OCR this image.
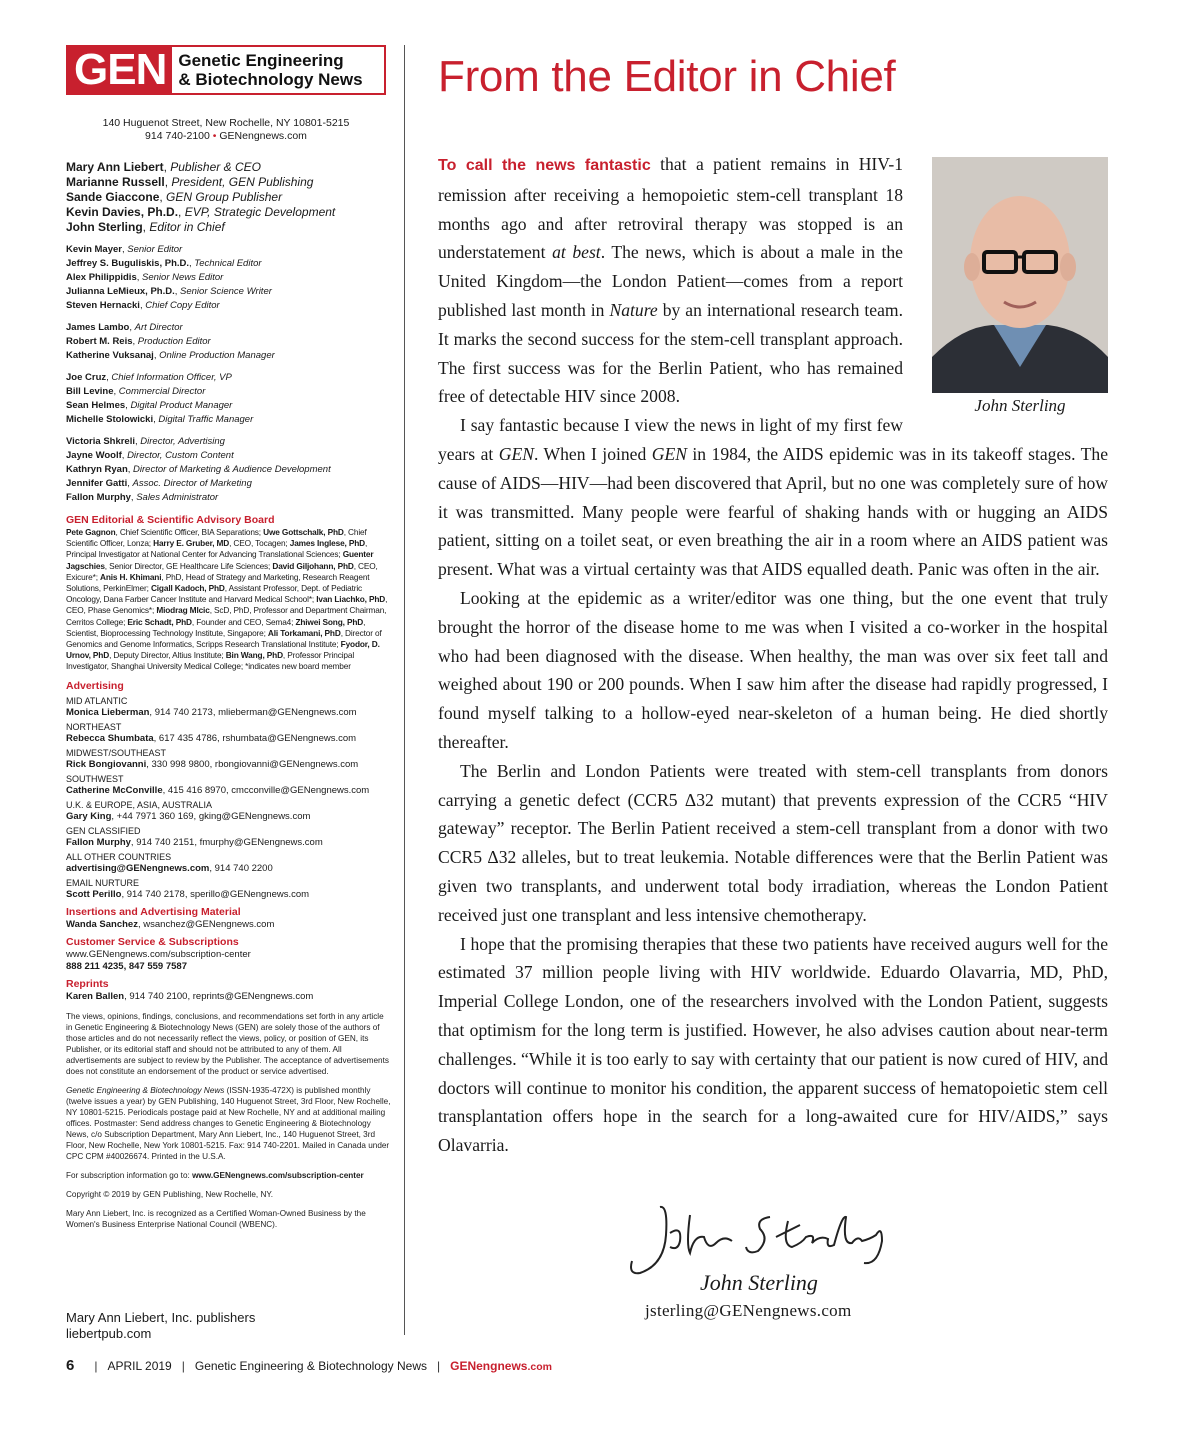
GEN Genetic Engineering
& Biotechnology News
140 Huguenot Street, New Rochelle, NY 10801-5215
914 740-2100 • GENengnews.com
Mary Ann Liebert, Publisher & CEO
Marianne Russell, President, GEN Publishing
Sande Giaccone, GEN Group Publisher
Kevin Davies, Ph.D., EVP, Strategic Development
John Sterling, Editor in Chief
Kevin Mayer, Senior Editor
Jeffrey S. Buguliskis, Ph.D., Technical Editor
Alex Philippidis, Senior News Editor
Julianna LeMieux, Ph.D., Senior Science Writer
Steven Hernacki, Chief Copy Editor
James Lambo, Art Director
Robert M. Reis, Production Editor
Katherine Vuksanaj, Online Production Manager
Joe Cruz, Chief Information Officer, VP
Bill Levine, Commercial Director
Sean Helmes, Digital Product Manager
Michelle Stolowicki, Digital Traffic Manager
Victoria Shkreli, Director, Advertising
Jayne Woolf, Director, Custom Content
Kathryn Ryan, Director of Marketing & Audience Development
Jennifer Gatti, Assoc. Director of Marketing
Fallon Murphy, Sales Administrator
GEN Editorial & Scientific Advisory Board
Pete Gagnon, Chief Scientific Officer, BIA Separations; Uwe Gottschalk, PhD, Chief Scientific Officer, Lonza; Harry E. Gruber, MD, CEO, Tocagen; James Inglese, PhD, Principal Investigator at National Center for Advancing Translational Sciences; Guenter Jagschies, Senior Director, GE Healthcare Life Sciences; David Giljohann, PhD, CEO, Exicure*; Anis H. Khimani, PhD, Head of Strategy and Marketing, Research Reagent Solutions, PerkinElmer; Cigall Kadoch, PhD, Assistant Professor, Dept. of Pediatric Oncology, Dana Farber Cancer Institute and Harvard Medical School*; Ivan Liachko, PhD, CEO, Phase Genomics*; Miodrag Mlcic, ScD, PhD, Professor and Department Chairman, Cerritos College; Eric Schadt, PhD, Founder and CEO, Sema4; Zhiwei Song, PhD, Scientist, Bioprocessing Technology Institute, Singapore; Ali Torkamani, PhD, Director of Genomics and Genome Informatics, Scripps Research Translational Institute; Fyodor, D. Urnov, PhD, Deputy Director, Altius Institute; Bin Wang, PhD, Professor Principal Investigator, Shanghai University Medical College; *indicates new board member
Advertising
MID ATLANTIC
Monica Lieberman, 914 740 2173, mlieberman@GENengnews.com
NORTHEAST
Rebecca Shumbata, 617 435 4786, rshumbata@GENengnews.com
MIDWEST/SOUTHEAST
Rick Bongiovanni, 330 998 9800, rbongiovanni@GENengnews.com
SOUTHWEST
Catherine McConville, 415 416 8970, cmcconville@GENengnews.com
U.K. & EUROPE, ASIA, AUSTRALIA
Gary King, +44 7971 360 169, gking@GENengnews.com
GEN CLASSIFIED
Fallon Murphy, 914 740 2151, fmurphy@GENengnews.com
ALL OTHER COUNTRIES
advertising@GENengnews.com, 914 740 2200
EMAIL NURTURE
Scott Perillo, 914 740 2178, sperillo@GENengnews.com
Insertions and Advertising Material
Wanda Sanchez, wsanchez@GENengnews.com
Customer Service & Subscriptions
www.GENengnews.com/subscription-center
888 211 4235, 847 559 7587
Reprints
Karen Ballen, 914 740 2100, reprints@GENengnews.com
The views, opinions, findings, conclusions, and recommendations set forth in any article in Genetic Engineering & Biotechnology News (GEN) are solely those of the authors of those articles and do not necessarily reflect the views, policy, or position of GEN, its Publisher, or its editorial staff and should not be attributed to any of them. All advertisements are subject to review by the Publisher. The acceptance of advertisements does not constitute an endorsement of the product or service advertised.
Genetic Engineering & Biotechnology News (ISSN-1935-472X) is published monthly (twelve issues a year) by GEN Publishing, 140 Huguenot Street, 3rd Floor, New Rochelle, NY 10801-5215. Periodicals postage paid at New Rochelle, NY and at additional mailing offices. Postmaster: Send address changes to Genetic Engineering & Biotechnology News, c/o Subscription Department, Mary Ann Liebert, Inc., 140 Huguenot Street, 3rd Floor, New Rochelle, New York 10801-5215. Fax: 914 740-2201. Mailed in Canada under CPC CPM #40026674. Printed in the U.S.A.
For subscription information go to: www.GENengnews.com/subscription-center
Copyright © 2019 by GEN Publishing, New Rochelle, NY.
Mary Ann Liebert, Inc. is recognized as a Certified Woman-Owned Business by the Women's Business Enterprise National Council (WBENC).
Mary Ann Liebert, Inc. publishers
liebertpub.com
From the Editor in Chief
John Sterling

To call the news fantastic that a patient remains in HIV-1 remission after receiving a hemopoietic stem-cell transplant 18 months ago and after retroviral therapy was stopped is an understatement at best. The news, which is about a male in the United Kingdom—the London Patient—comes from a report published last month in Nature by an international research team. It marks the second success for the stem-cell transplant approach. The first success was for the Berlin Patient, who has remained free of detectable HIV since 2008.

I say fantastic because I view the news in light of my first few years at GEN. When I joined GEN in 1984, the AIDS epidemic was in its takeoff stages. The cause of AIDS—HIV—had been discovered that April, but no one was completely sure of how it was transmitted. Many people were fearful of shaking hands with or hugging an AIDS patient, sitting on a toilet seat, or even breathing the air in a room where an AIDS patient was present. What was a virtual certainty was that AIDS equalled death. Panic was often in the air.

Looking at the epidemic as a writer/editor was one thing, but the one event that truly brought the horror of the disease home to me was when I visited a co-worker in the hospital who had been diagnosed with the disease. When healthy, the man was over six feet tall and weighed about 190 or 200 pounds. When I saw him after the disease had rapidly progressed, I found myself talking to a hollow-eyed near-skeleton of a human being. He died shortly thereafter.

The Berlin and London Patients were treated with stem-cell transplants from donors carrying a genetic defect (CCR5 Δ32 mutant) that prevents expression of the CCR5 “HIV gateway” receptor. The Berlin Patient received a stem-cell transplant from a donor with two CCR5 Δ32 alleles, but to treat leukemia. Notable differences were that the Berlin Patient was given two transplants, and underwent total body irradiation, whereas the London Patient received just one transplant and less intensive chemotherapy.

I hope that the promising therapies that these two patients have received augurs well for the estimated 37 million people living with HIV worldwide. Eduardo Olavarria, MD, PhD, Imperial College London, one of the researchers involved with the London Patient, suggests that optimism for the long term is justified. However, he also advises caution about near-term challenges. “While it is too early to say with certainty that our patient is now cured of HIV, and doctors will continue to monitor his condition, the apparent success of hematopoietic stem cell transplantation offers hope in the search for a long-awaited cure for HIV/AIDS,” says Olavarria.

John Sterling
jsterling@GENengnews.com
6 | APRIL 2019 | Genetic Engineering & Biotechnology News | GENengnews.com
